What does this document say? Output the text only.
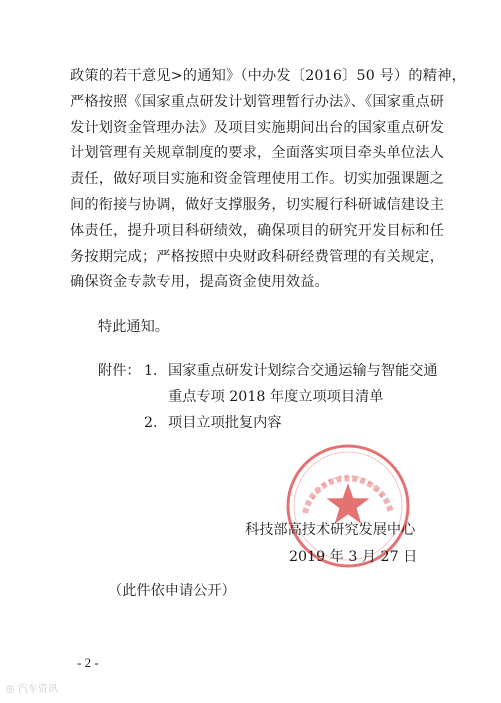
政策的若干意见>的通知》（中办发〔2016〕50 号）的精神，
严格按照《国家重点研发计划管理暂行办法》、《国家重点研
发计划资金管理办法》及项目实施期间出台的国家重点研发
计划管理有关规章制度的要求，全面落实项目牵头单位法人
责任，做好项目实施和资金管理使用工作。切实加强课题之
间的衔接与协调，做好支撑服务，切实履行科研诚信建设主
体责任，提升项目科研绩效，确保项目的研究开发目标和任
务按期完成；严格按照中央财政科研经费管理的有关规定，
确保资金专款专用，提高资金使用效益。
特此通知。
附件： 1. 国家重点研发计划综合交通运输与智能交通
重点专项 2018 年度立项项目清单
2. 项目立项批复内容
科技部高技术研究发展中心
2019 年 3 月 27 日
（此件依申请公开）
- 2 -
◎ 汽车资讯
